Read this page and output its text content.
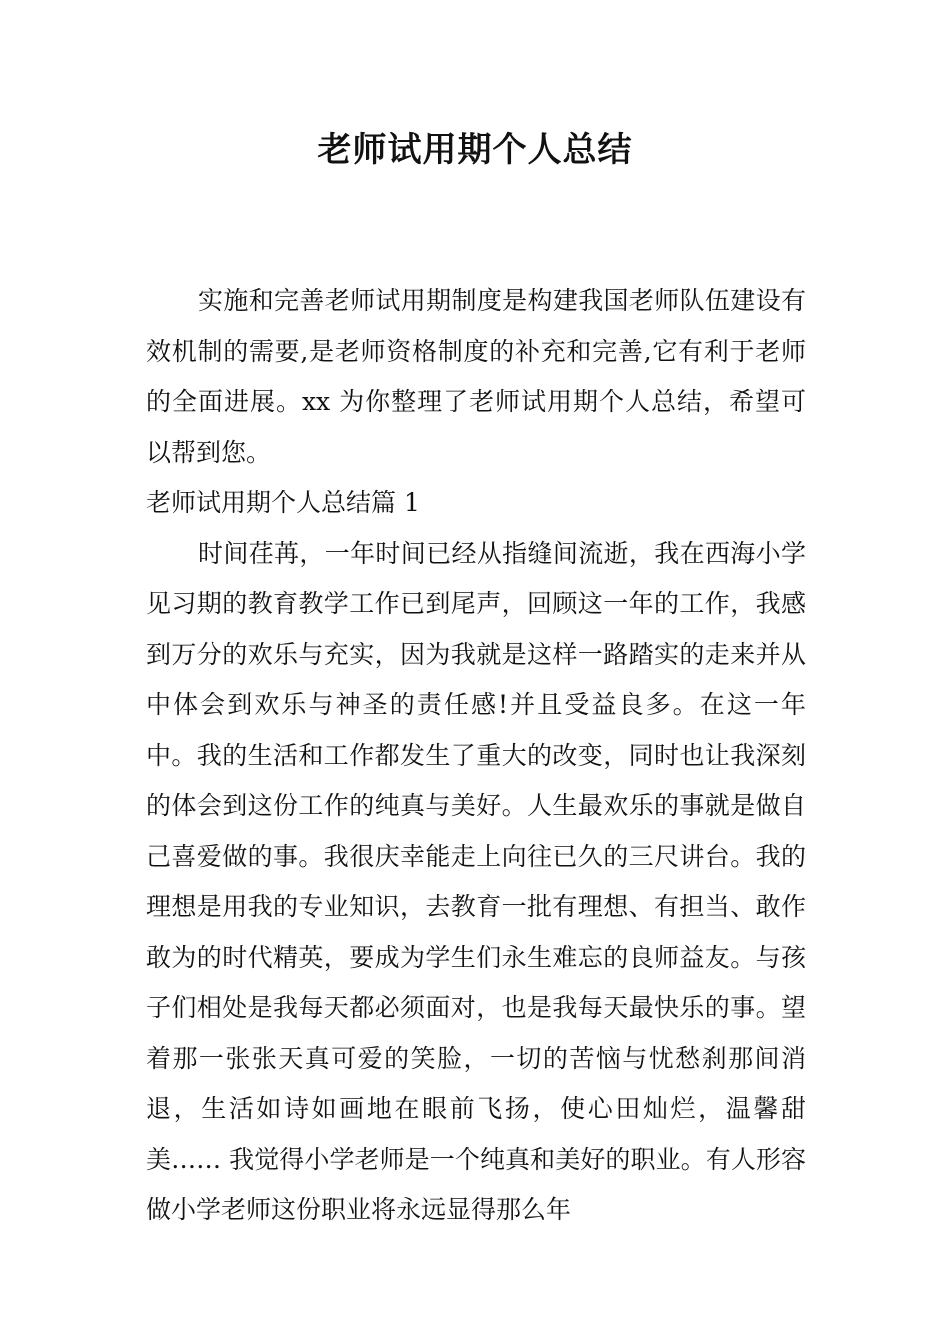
老师试用期个人总结

实施和完善老师试用期制度是构建我国老师队伍建设有效机制的需要,是老师资格制度的补充和完善,它有利于老师的全面进展。xx 为你整理了老师试用期个人总结，希望可以帮到您。

老师试用期个人总结篇 1

时间荏苒，一年时间已经从指缝间流逝，我在西海小学见习期的教育教学工作已到尾声，回顾这一年的工作，我感到万分的欢乐与充实，因为我就是这样一路踏实的走来并从中体会到欢乐与神圣的责任感!并且受益良多。在这一年中。我的生活和工作都发生了重大的改变，同时也让我深刻的体会到这份工作的纯真与美好。人生最欢乐的事就是做自己喜爱做的事。我很庆幸能走上向往已久的三尺讲台。我的理想是用我的专业知识，去教育一批有理想、有担当、敢作敢为的时代精英，要成为学生们永生难忘的良师益友。与孩子们相处是我每天都必须面对，也是我每天最快乐的事。望着那一张张天真可爱的笑脸，一切的苦恼与忧愁刹那间消退，生活如诗如画地在眼前飞扬，使心田灿烂，温馨甜美…… 我觉得小学老师是一个纯真和美好的职业。有人形容做小学老师这份职业将永远显得那么年
